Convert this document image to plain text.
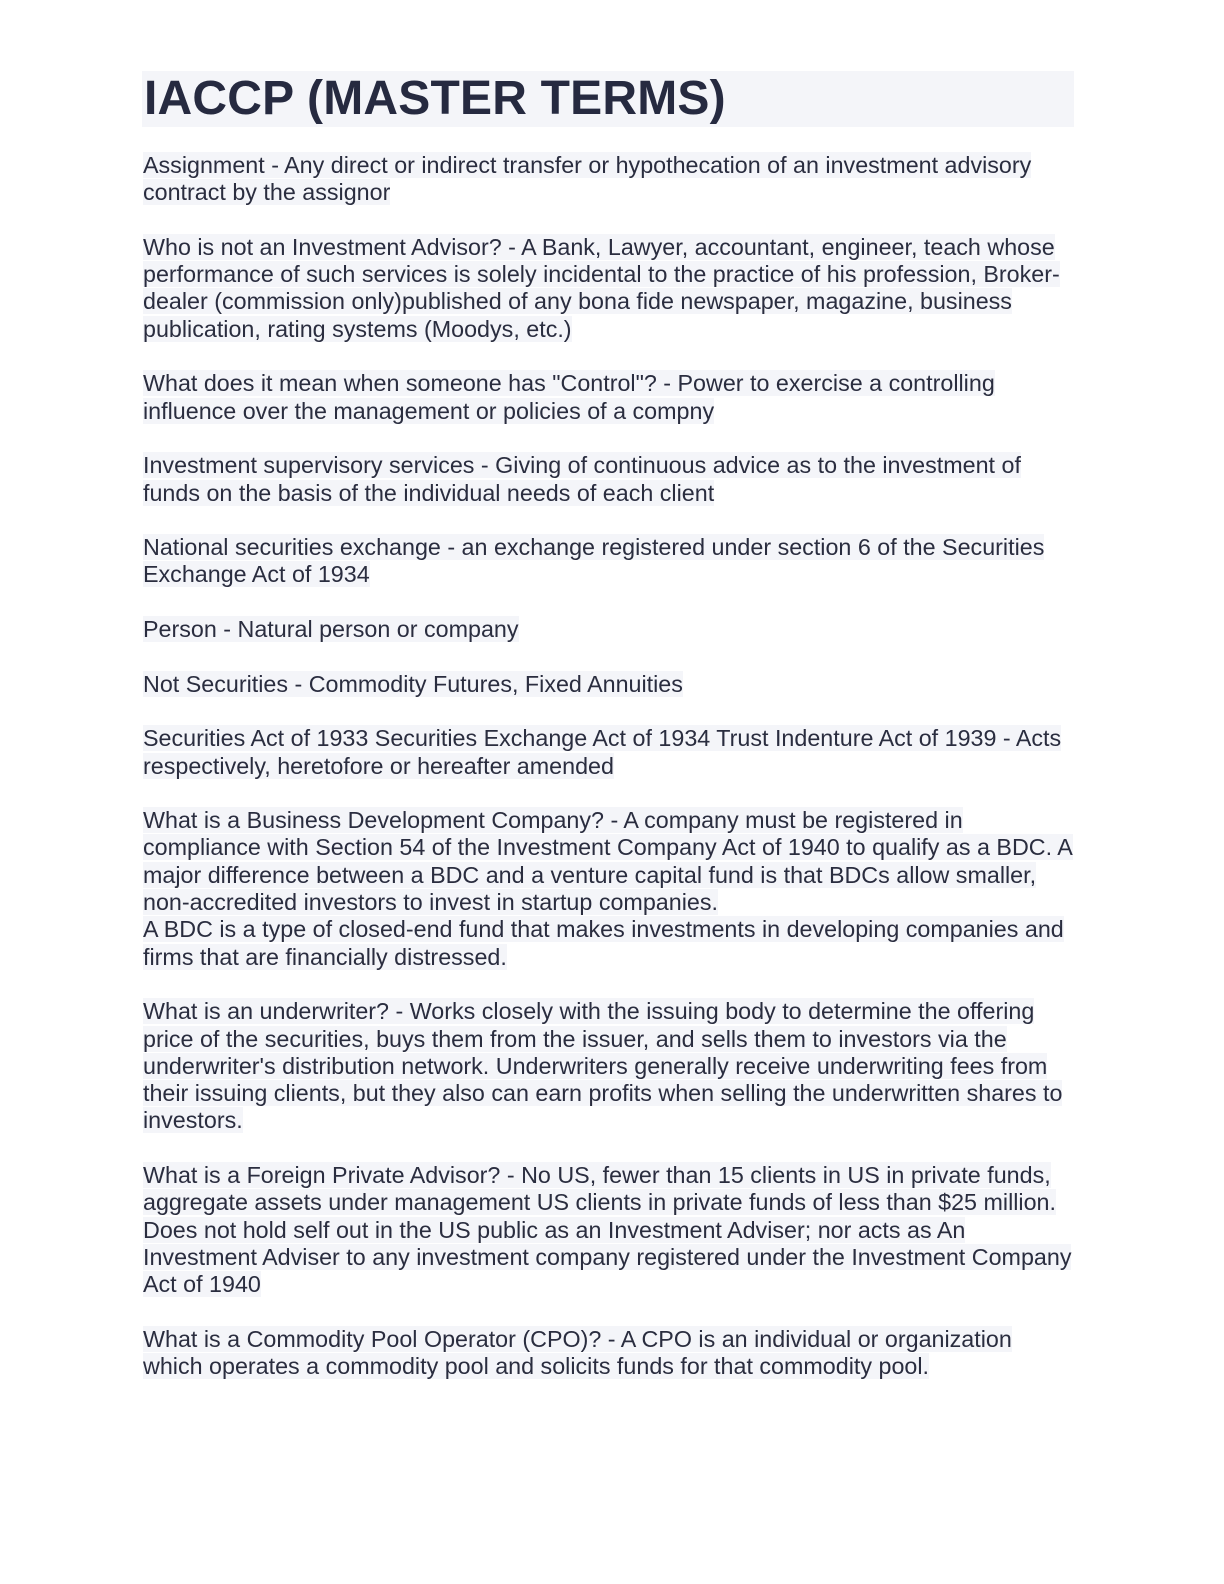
IACCP (MASTER TERMS)

Assignment - Any direct or indirect transfer or hypothecation of an investment advisory contract by the assignor

Who is not an Investment Advisor? - A Bank, Lawyer, accountant, engineer, teach whose performance of such services is solely incidental to the practice of his profession, Broker-dealer (commission only)published of any bona fide newspaper, magazine, business publication, rating systems (Moodys, etc.)

What does it mean when someone has "Control"? - Power to exercise a controlling influence over the management or policies of a compny

Investment supervisory services - Giving of continuous advice as to the investment of funds on the basis of the individual needs of each client

National securities exchange - an exchange registered under section 6 of the Securities Exchange Act of 1934

Person - Natural person or company

Not Securities - Commodity Futures, Fixed Annuities

Securities Act of 1933 Securities Exchange Act of 1934 Trust Indenture Act of 1939 - Acts respectively, heretofore or hereafter amended

What is a Business Development Company? - A company must be registered in compliance with Section 54 of the Investment Company Act of 1940 to qualify as a BDC. A major difference between a BDC and a venture capital fund is that BDCs allow smaller, non-accredited investors to invest in startup companies.

A BDC is a type of closed-end fund that makes investments in developing companies and firms that are financially distressed.

What is an underwriter? - Works closely with the issuing body to determine the offering price of the securities, buys them from the issuer, and sells them to investors via the underwriter's distribution network. Underwriters generally receive underwriting fees from their issuing clients, but they also can earn profits when selling the underwritten shares to investors.

What is a Foreign Private Advisor? - No US, fewer than 15 clients in US in private funds, aggregate assets under management US clients in private funds of less than $25 million. Does not hold self out in the US public as an Investment Adviser; nor acts as An Investment Adviser to any investment company registered under the Investment Company Act of 1940

What is a Commodity Pool Operator (CPO)? - A CPO is an individual or organization which operates a commodity pool and solicits funds for that commodity pool.
